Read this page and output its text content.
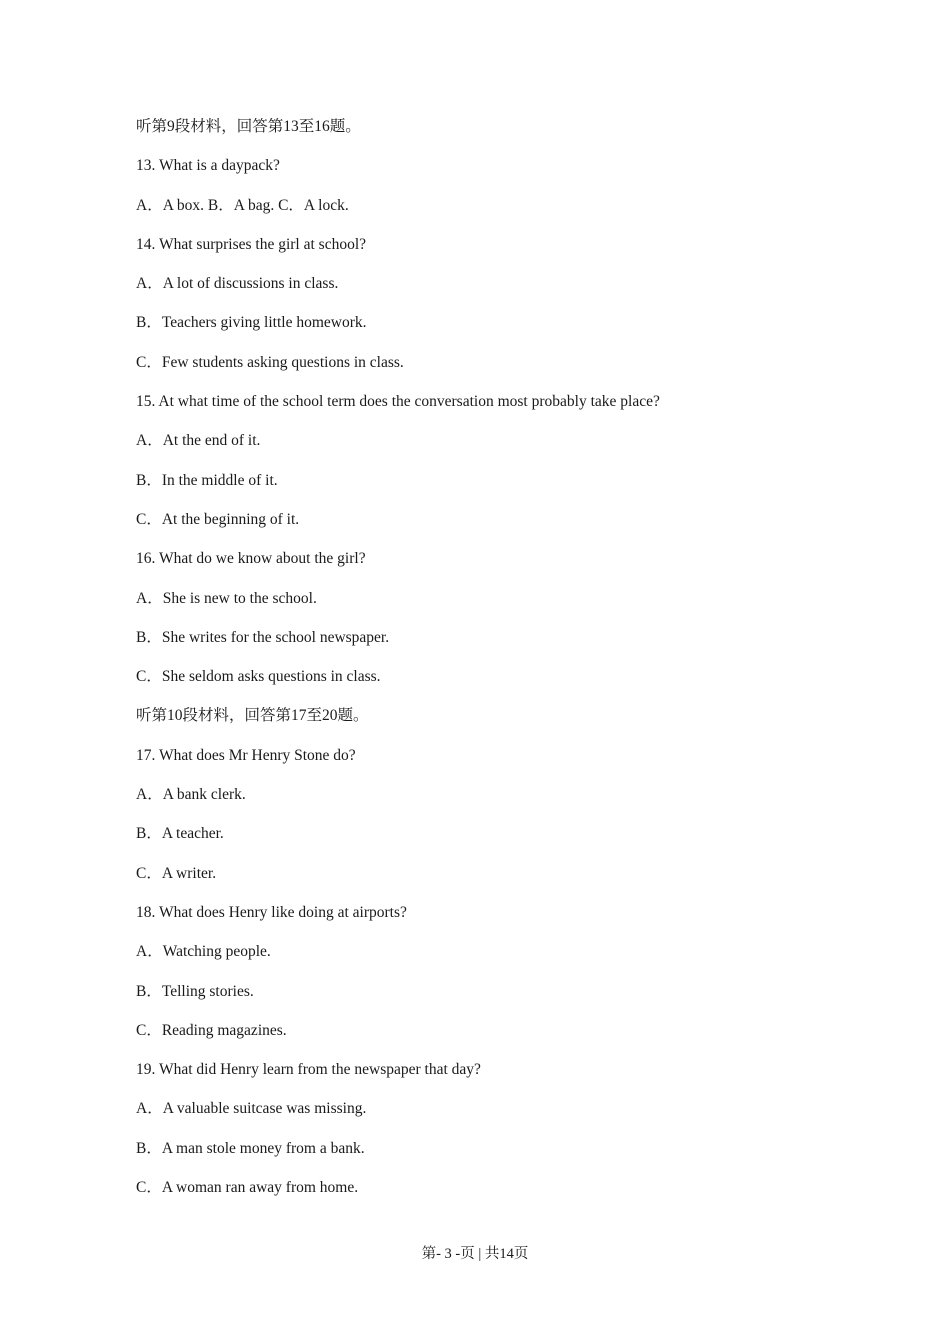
听第9段材料，回答第13至16题。
13. What is a daypack?
A．A box. B．A bag. C．A lock.
14. What surprises the girl at school?
A．A lot of discussions in class.
B．Teachers giving little homework.
C．Few students asking questions in class.
15. At what time of the school term does the conversation most probably take place?
A．At the end of it.
B．In the middle of it.
C．At the beginning of it.
16. What do we know about the girl?
A．She is new to the school.
B．She writes for the school newspaper.
C．She seldom asks questions in class.
听第10段材料，回答第17至20题。
17. What does Mr Henry Stone do?
A．A bank clerk.
B．A teacher.
C．A writer.
18. What does Henry like doing at airports?
A．Watching people.
B．Telling stories.
C．Reading magazines.
19. What did Henry learn from the newspaper that day?
A．A valuable suitcase was missing.
B．A man stole money from a bank.
C．A woman ran away from home.
第- 3 -页 | 共14页
